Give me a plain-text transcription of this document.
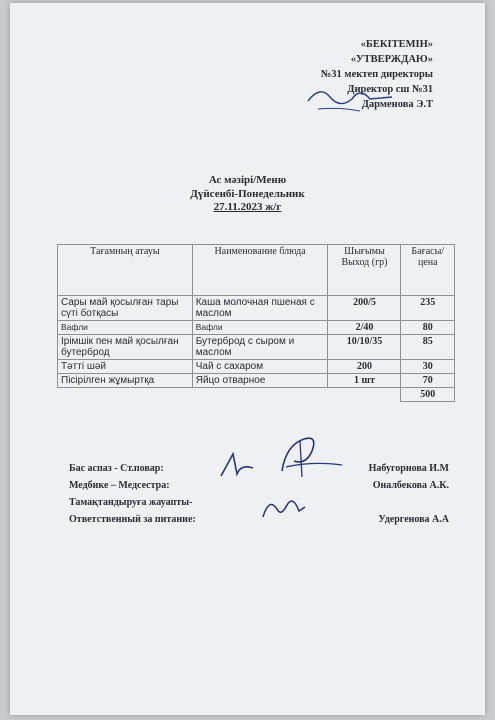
«БЕКІТЕМІН»
«УТВЕРЖДАЮ»
№31 мектеп директоры
Директор сш №31
Дарменова Э.Т
Ас мәзірі/Меню
Дүйсенбі-Понедельник
27.11.2023 ж/г
Тағамның атауы	Наименование блюда	Шығымы Выход (гр)	Бағасы/ цена
Сары май қосылған тары сүті ботқасы	Каша молочная пшеная с маслом	200/5	235
Вафли	Вафли	2/40	80
Ірімшік пен май қосылған бутерброд	Бутерброд с сыром и маслом	10/10/35	85
Тәтті шәй	Чай с сахаром	200	30
Пісірілген жұмыртқа	Яйцо отварное	1 шт	70
			500
Бас аспаз - Ст.повар:	Набугорнова И.М
Медбике – Медсестра:	Оналбекова А.К.
Тамақтандыруға жауапты-
Ответственный за питание:	Удергенова А.А
